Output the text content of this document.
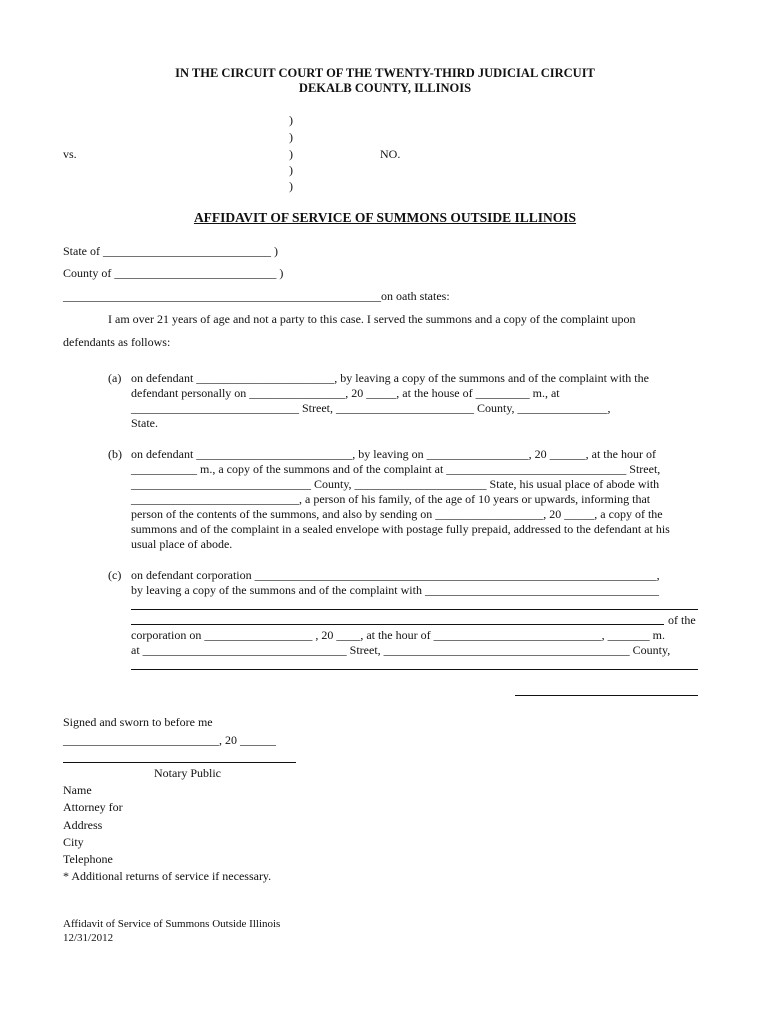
IN THE CIRCUIT COURT OF THE TWENTY-THIRD JUDICIAL CIRCUIT
DEKALB COUNTY, ILLINOIS
)
)
)
)
)
vs.	NO.
AFFIDAVIT OF SERVICE OF SUMMONS OUTSIDE ILLINOIS
State of ____________________________ )
County of ___________________________ )
_____________________________________________________on oath states:
I am over 21 years of age and not a party to this case. I served the summons and a copy of the complaint upon
defendants as follows:
(a) on defendant _______________________, by leaving a copy of the summons and of the complaint with the
defendant personally on ________________, 20 _____, at the house of _________ m., at
____________________________ Street, _______________________ County, _______________,
State.
(b) on defendant __________________________, by leaving on _________________, 20 ______, at the hour of
___________ m., a copy of the summons and of the complaint at ______________________________ Street,
______________________________ County, ______________________ State, his usual place of abode with
____________________________, a person of his family, of the age of 10 years or upwards, informing that
person of the contents of the summons, and also by sending on __________________, 20 _____, a copy of the
summons and of the complaint in a sealed envelope with postage fully prepaid, addressed to the defendant at his
usual place of abode.
(c) on defendant corporation ___________________________________________________________________,
by leaving a copy of the summons and of the complaint with _______________________________________
of the
corporation on __________________ , 20 ____, at the hour of ____________________________, _______ m.
at __________________________________ Street, _________________________________________ County,
Signed and sworn to before me
__________________________, 20 ______
Notary Public
Name
Attorney for
Address
City
Telephone
* Additional returns of service if necessary.
Affidavit of Service of Summons Outside Illinois
12/31/2012
